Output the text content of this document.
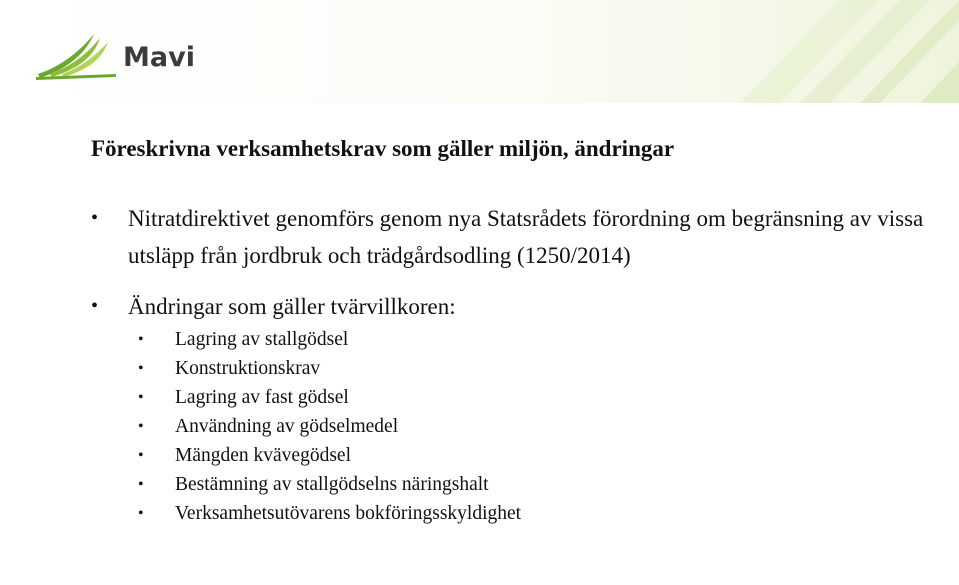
Mavi
Föreskrivna verksamhetskrav som gäller miljön, ändringar
• Nitratdirektivet genomförs genom nya Statsrådets förordning om begränsning av vissa utsläpp från jordbruk och trädgårdsodling (1250/2014)
• Ändringar som gäller tvärvillkoren:
• Lagring av stallgödsel
• Konstruktionskrav
• Lagring av fast gödsel
• Användning av gödselmedel
• Mängden kvävegödsel
• Bestämning av stallgödselns näringshalt
• Verksamhetsutövarens bokföringsskyldighet
